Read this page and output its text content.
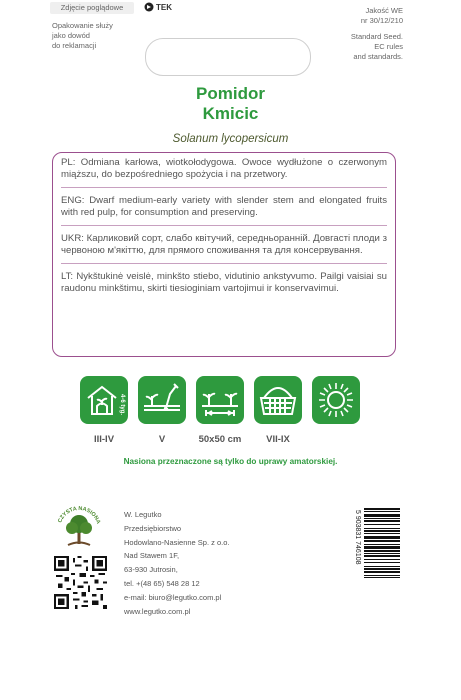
Zdjęcie poglądowe	TEK
Opakowanie służy
jako dowód
do reklamacji
Jakość WE
nr 30/12/210
Standard Seed.
EC rules
and standards.
Pomidor
Kmicic
Solanum lycopersicum

PL: Odmiana karłowa, wiotkołodygowa. Owoce wydłużone o czerwonym miąższu, do bezpośredniego spożycia i na przetwory.

ENG: Dwarf medium-early variety with slender stem and elongated fruits with red pulp, for consumption and preserving.

UKR: Карликовий сорт, слабо квітучий, середньоранній. Довгасті плоди з червоною м'якіттю, для прямого споживання та для консервування.

LT: Nykštukinė veislė, minkšto stiebo, vidutinio ankstyvumo. Pailgi vaisiai su raudonu minkštimu, skirti tiesioginiam vartojimui ir konservavimui.

4-6 tyg.
III-IV	V	50x50 cm	VII-IX
Nasiona przeznaczone są tylko do uprawy amatorskiej.
CZYSTA NASIONA
W. Legutko
Przedsiębiorstwo
Hodowlano-Nasienne Sp. z o.o.
Nad Stawem 1F,
63-930 Jutrosin,
tel. +(48 65) 548 28 12
e-mail: biuro@legutko.com.pl
www.legutko.com.pl
5 903831 746108
